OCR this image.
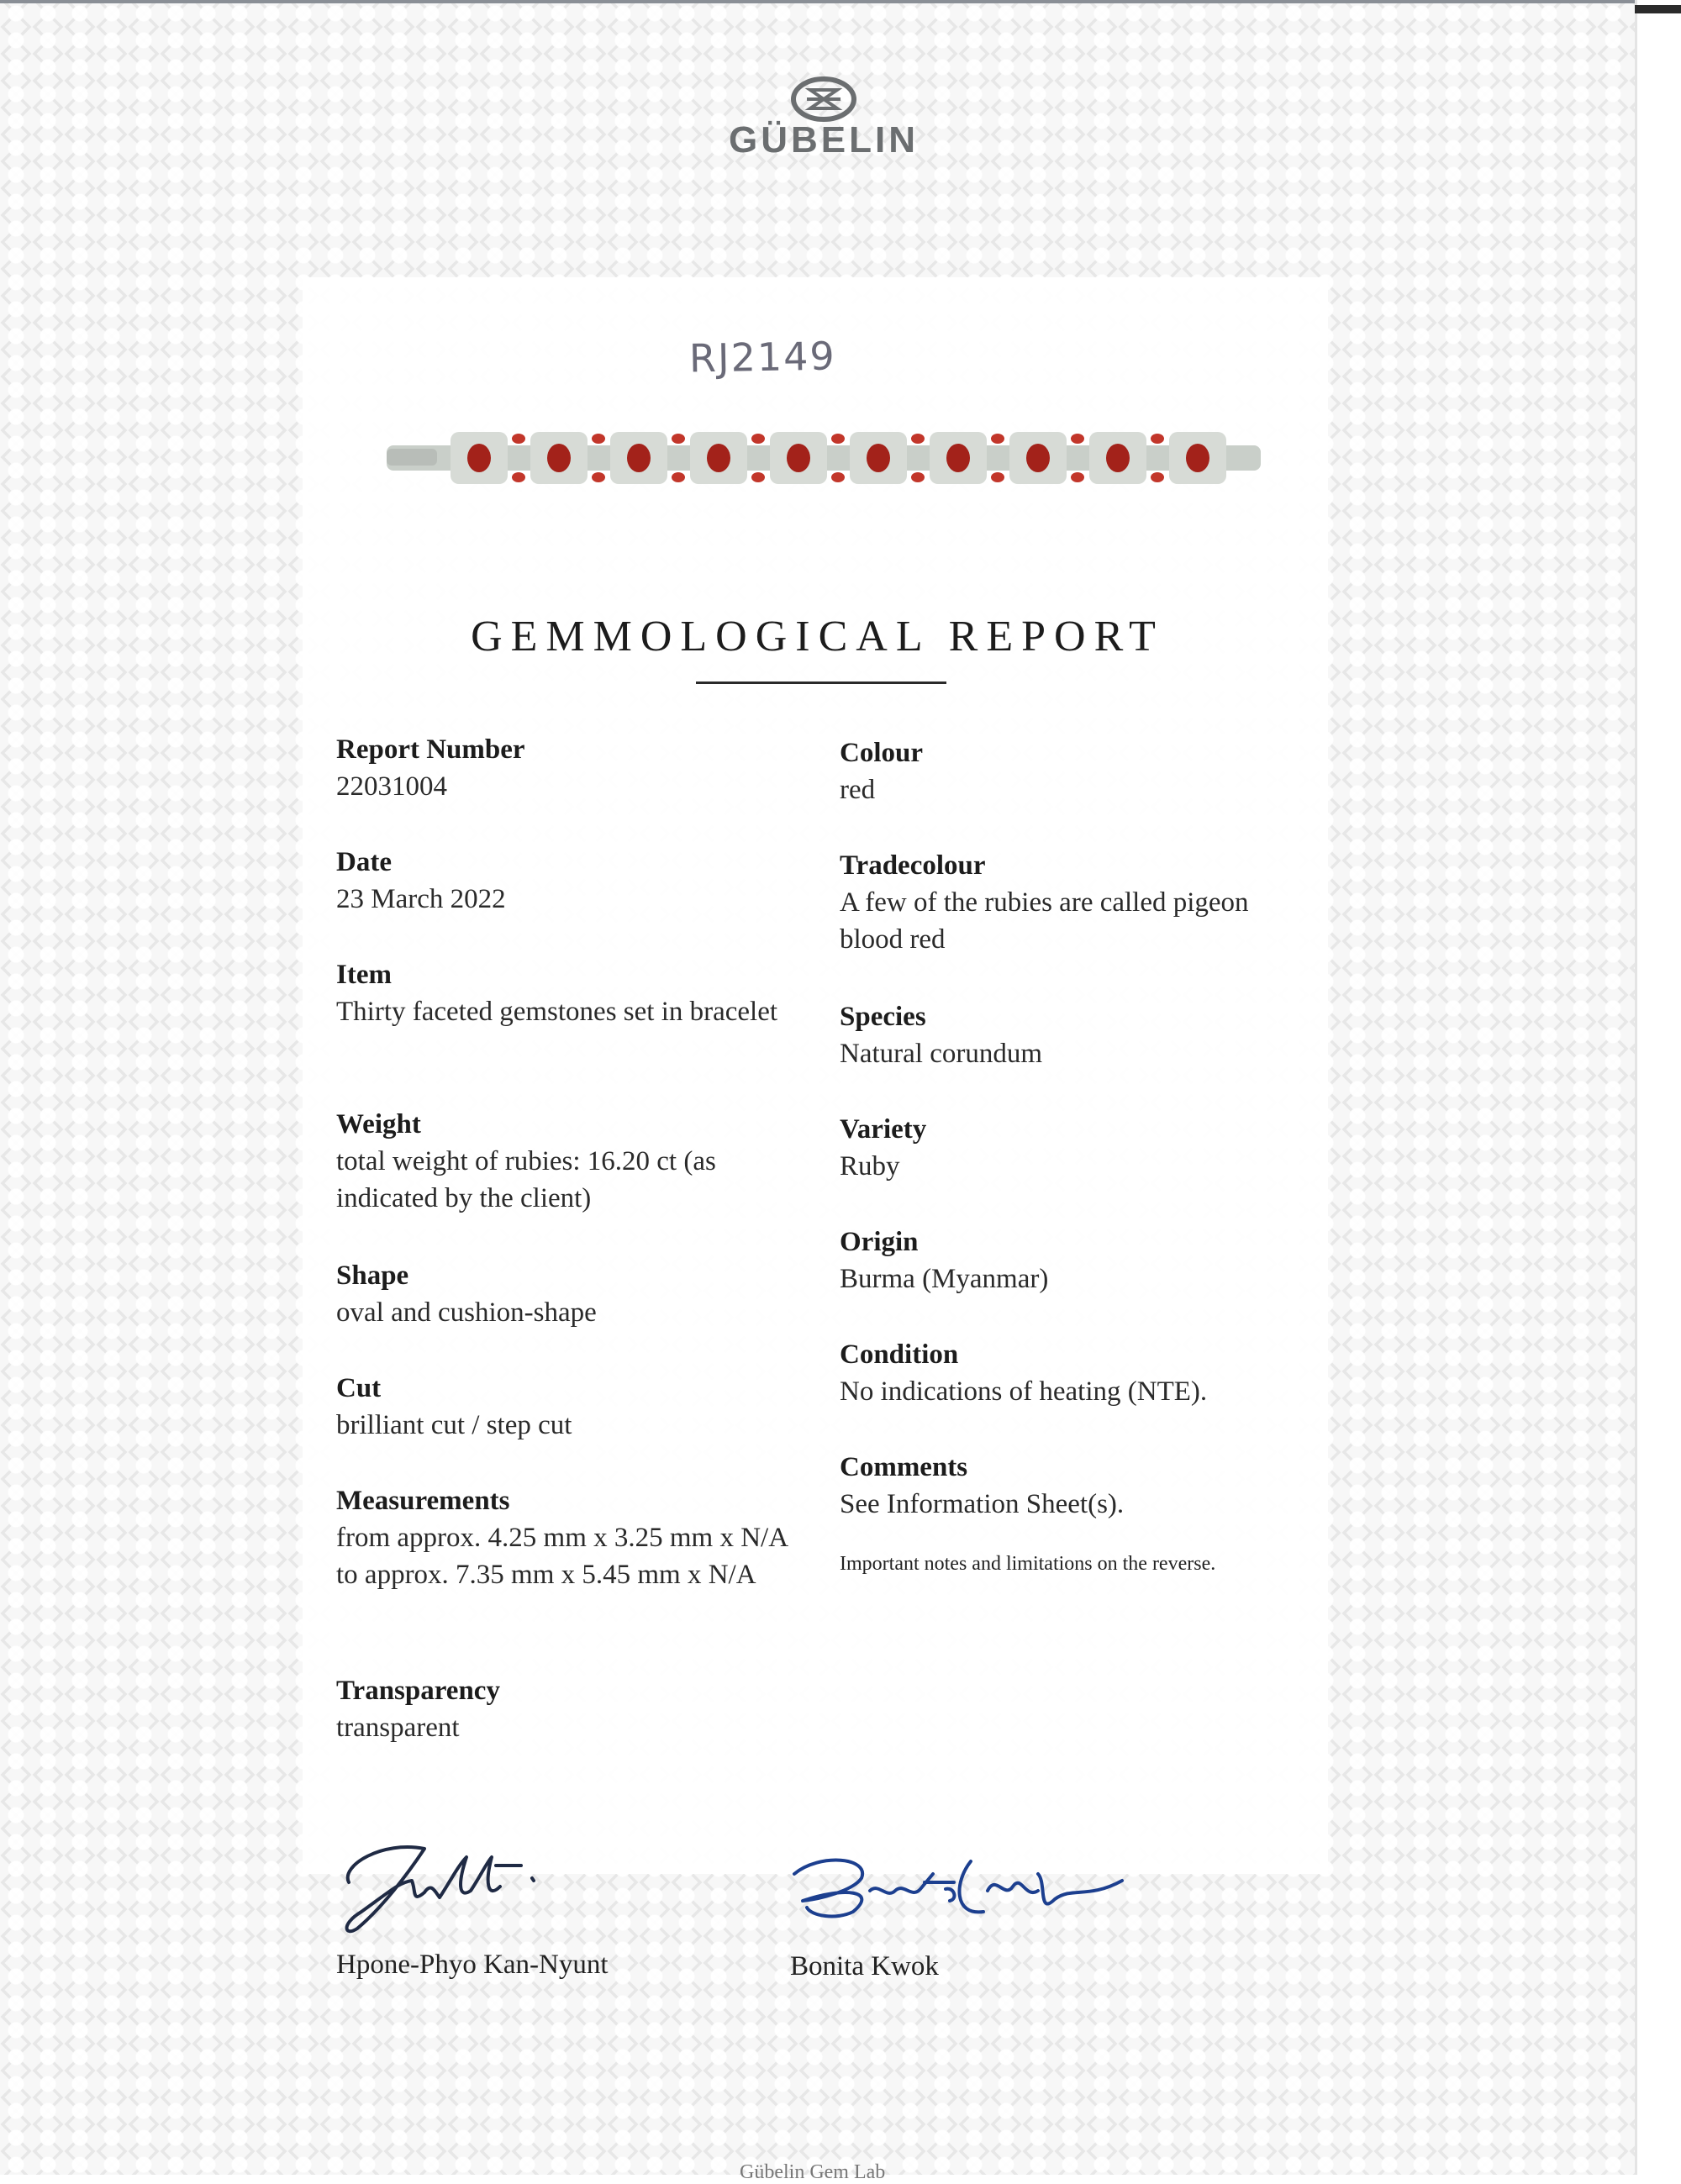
GÜBELIN
RJ2149
GEMMOLOGICAL REPORT
Report Number
22031004
Date
23 March 2022
Item
Thirty faceted gemstones set in bracelet
Weight
total weight of rubies: 16.20 ct (as indicated by the client)
Shape
oval and cushion-shape
Cut
brilliant cut / step cut
Measurements
from approx. 4.25 mm x 3.25 mm x N/A to approx. 7.35 mm x 5.45 mm x N/A
Transparency
transparent
Colour
red
Tradecolour
A few of the rubies are called pigeon blood red
Species
Natural corundum
Variety
Ruby
Origin
Burma (Myanmar)
Condition
No indications of heating (NTE).
Comments
See Information Sheet(s).
Important notes and limitations on the reverse.
Hpone-Phyo Kan-Nyunt	Bonita Kwok
Gübelin Gem Lab
